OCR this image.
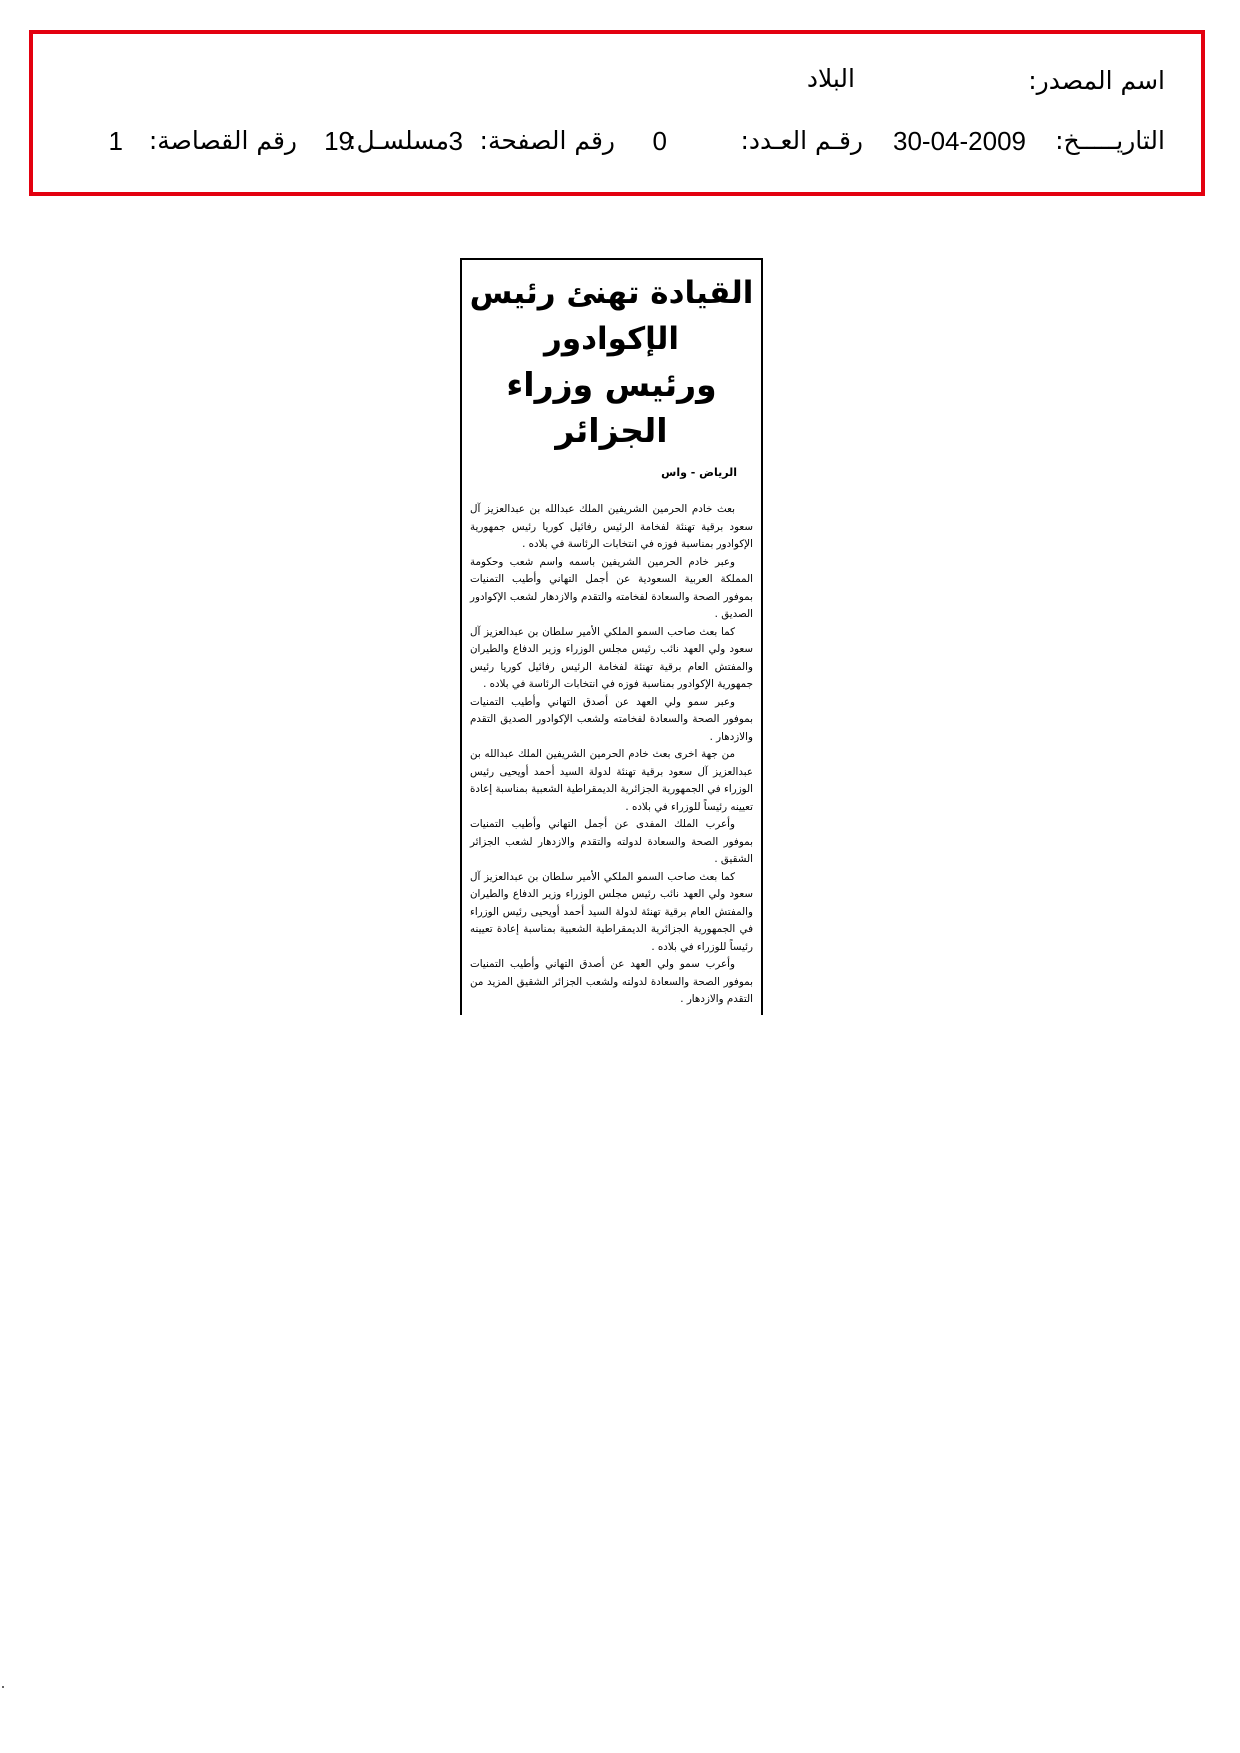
اسم المصدر:
البلاد
التاريـــــخ:
30-04-2009
رقـم العـدد:
0
رقم الصفحة:
3
مسلسـل:
19
رقم القصاصة:
1
القيادة تهنئ رئيس الإكوادور
ورئيس وزراء الجزائر
الرياض - واس

بعث خادم الحرمين الشريفين الملك عبدالله بن عبدالعزيز آل سعود برقية تهنئة لفخامة الرئيس رفائيل كوريا رئيس جمهورية الإكوادور بمناسبة فوزه في انتخابات الرئاسة في بلاده .

وعبر خادم الحرمين الشريفين باسمه واسم شعب وحكومة المملكة العربية السعودية عن أجمل التهاني وأطيب التمنيات بموفور الصحة والسعادة لفخامته والتقدم والازدهار لشعب الإكوادور الصديق .

كما بعث صاحب السمو الملكي الأمير سلطان بن عبدالعزيز آل سعود ولي العهد نائب رئيس مجلس الوزراء وزير الدفاع والطيران والمفتش العام برقية تهنئة لفخامة الرئيس رفائيل كوريا رئيس جمهورية الإكوادور بمناسبة فوزه في انتخابات الرئاسة في بلاده .

وعبر سمو ولي العهد عن أصدق التهاني وأطيب التمنيات بموفور الصحة والسعادة لفخامته ولشعب الإكوادور الصديق التقدم والازدهار .

من جهة اخرى بعث خادم الحرمين الشريفين الملك عبدالله بن عبدالعزيز آل سعود برقية تهنئة لدولة السيد أحمد أويحيى رئيس الوزراء في الجمهورية الجزائرية الديمقراطية الشعبية بمناسبة إعادة تعيينه رئيساً للوزراء في بلاده .

وأعرب الملك المفدى عن أجمل التهاني وأطيب التمنيات بموفور الصحة والسعادة لدولته والتقدم والازدهار لشعب الجزائر الشقيق .

كما بعث صاحب السمو الملكي الأمير سلطان بن عبدالعزيز آل سعود ولي العهد نائب رئيس مجلس الوزراء وزير الدفاع والطيران والمفتش العام برقية تهنئة لدولة السيد أحمد أويحيى رئيس الوزراء في الجمهورية الجزائرية الديمقراطية الشعبية بمناسبة إعادة تعيينه رئيساً للوزراء في بلاده .

وأعرب سمو ولي العهد عن أصدق التهاني وأطيب التمنيات بموفور الصحة والسعادة لدولته ولشعب الجزائر الشقيق المزيد من التقدم والازدهار .
